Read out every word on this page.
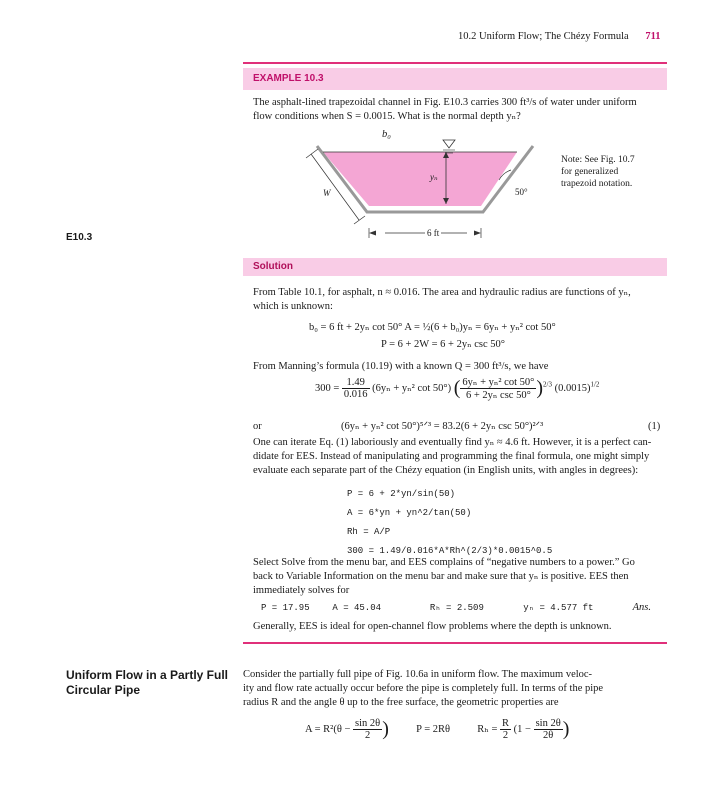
10.2 Uniform Flow; The Chézy Formula 711
EXAMPLE 10.3
The asphalt-lined trapezoidal channel in Fig. E10.3 carries 300 ft³/s of water under uniform
flow conditions when S = 0.0015. What is the normal depth yₙ?
b₀
yₙ
W	50°
6 ft
Note: See Fig. 10.7
for generalized
trapezoid notation.
Solution
From Table 10.1, for asphalt, n ≈ 0.016. The area and hydraulic radius are functions of yₙ,
which is unknown:
b₀ = 6 ft + 2yₙ cot 50° A = ½(6 + b₀)yₙ = 6yₙ + yₙ² cot 50°
P = 6 + 2W = 6 + 2yₙ csc 50°
From Manning’s formula (10.19) with a known Q = 300 ft³/s, we have
$300 = \frac{1.49}{0.016} (6y_n + y_n^2$ cot 50°) ( $\frac{\text{6yₙ + yₙ² cot 50°}}{\text{6 + 2yₙ csc 50°}} )^{2/3}$ $(0.0015)^{1/2}$
or	(6yₙ + yₙ² cot 50°)⁵ᐟ³ = 83.2(6 + 2yₙ csc 50°)²ᐟ³	(1)
One can iterate Eq. (1) laboriously and eventually find yₙ ≈ 4.6 ft. However, it is a perfect can-
didate for EES. Instead of manipulating and programming the final formula, one might simply
evaluate each separate part of the Chézy equation (in English units, with angles in degrees):
P = 6 + 2*yn/sin(50)
A = 6*yn + yn^2/tan(50)
Rh = A/P
300 = 1.49/0.016*A*Rh^(2/3)*0.0015^0.5
Select Solve from the menu bar, and EES complains of “negative numbers to a power.” Go
back to Variable Information on the menu bar and make sure that yₙ is positive. EES then
immediately solves for
P = 17.95	A = 45.04	Rₕ = 2.509	yₙ = 4.577 ft	Ans.
Generally, EES is ideal for open-channel flow problems where the depth is unknown.
E10.3
Uniform Flow in a Partly Full
Circular Pipe
Consider the partially full pipe of Fig. 10.6a in uniform flow. The maximum veloc-
ity and flow rate actually occur before the pipe is completely full. In terms of the pipe
radius R and the angle θ up to the free surface, the geometric properties are
$A = R^2(\theta - \frac{\sin 2\theta}{2}$ )	P = 2Rθ	$R_h = \frac{R}{2} (1 - \frac{\sin 2\theta}{2\theta}$ )
